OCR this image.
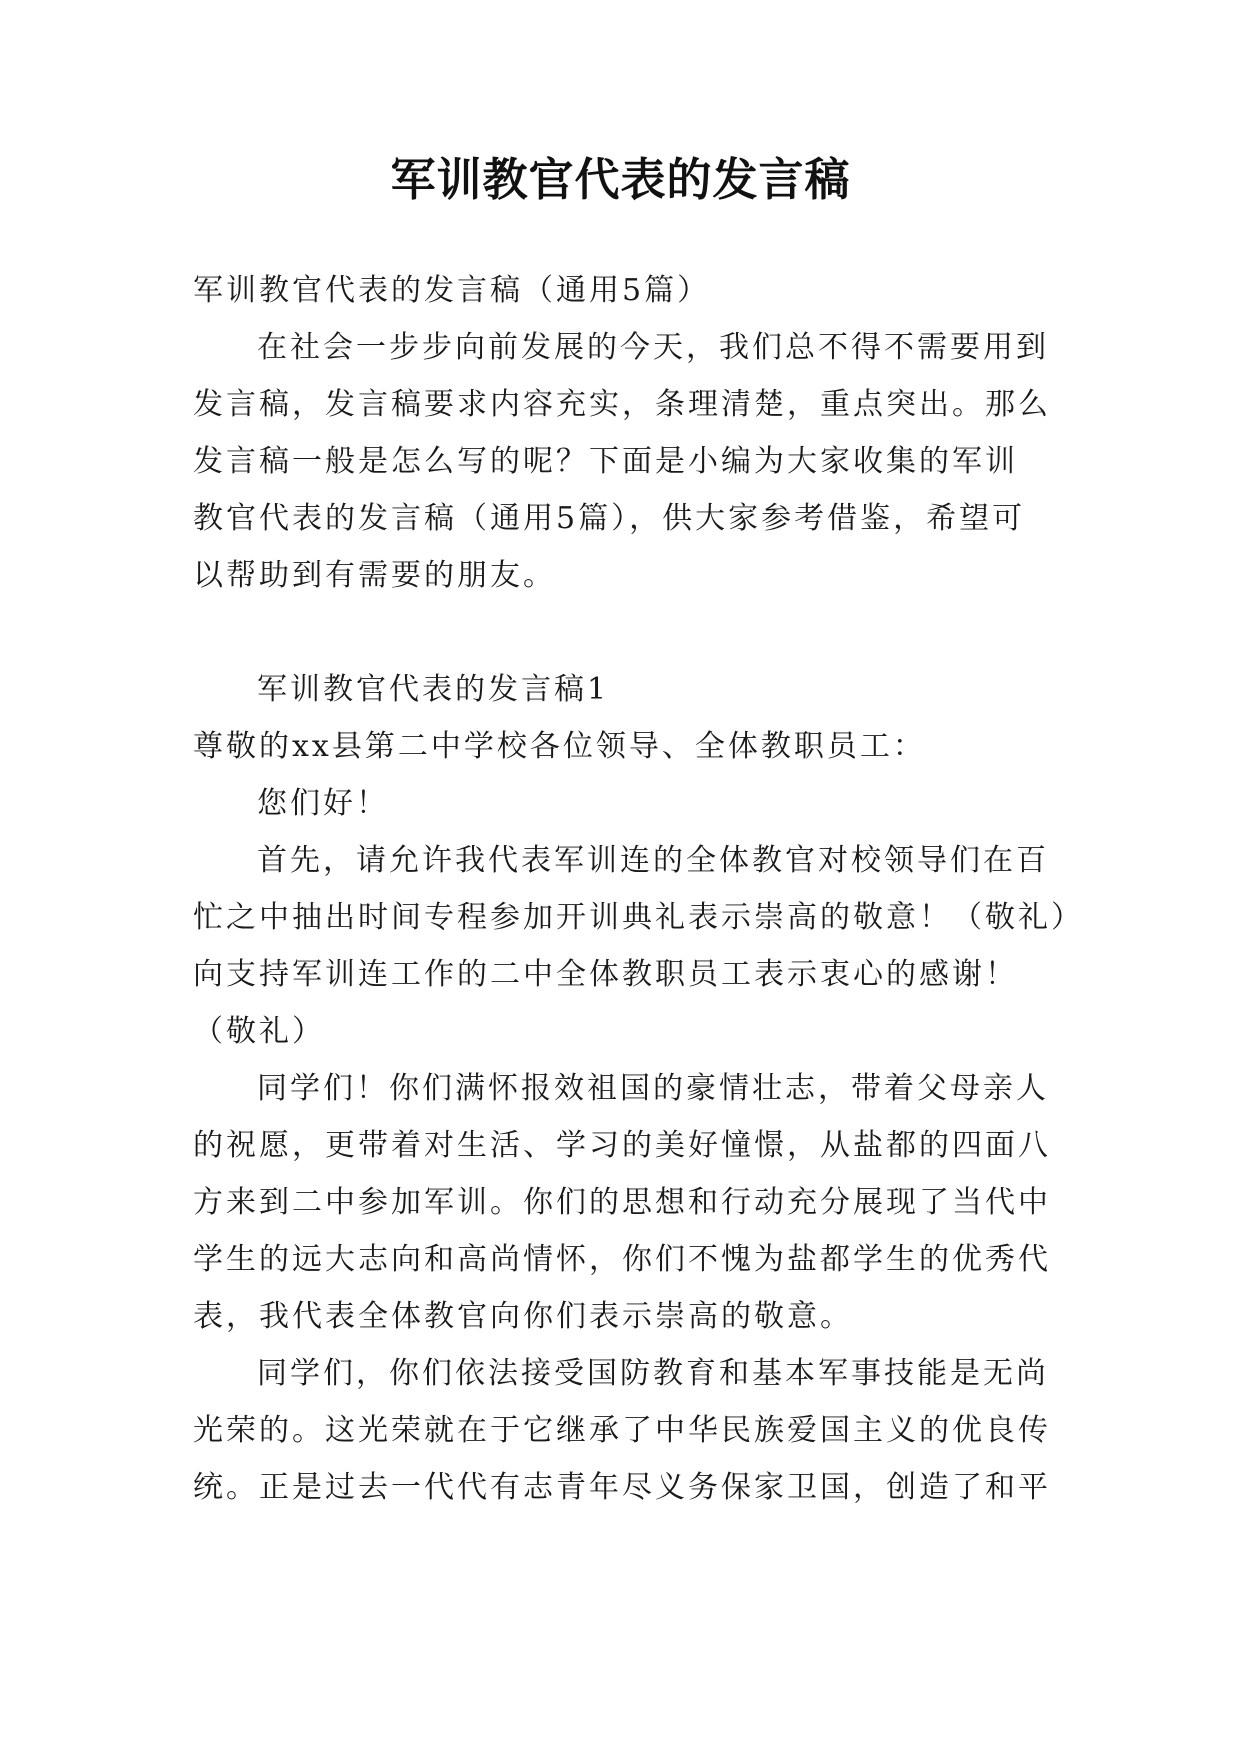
军训教官代表的发言稿
军训教官代表的发言稿（通用5篇）
在社会一步步向前发展的今天，我们总不得不需要用到
发言稿，发言稿要求内容充实，条理清楚，重点突出。那么
发言稿一般是怎么写的呢？下面是小编为大家收集的军训
教官代表的发言稿（通用5篇），供大家参考借鉴，希望可
以帮助到有需要的朋友。
军训教官代表的发言稿1
尊敬的xx县第二中学校各位领导、全体教职员工：
您们好！
首先，请允许我代表军训连的全体教官对校领导们在百
忙之中抽出时间专程参加开训典礼表示崇高的敬意！（敬礼）
向支持军训连工作的二中全体教职员工表示衷心的感谢！
（敬礼）
同学们！你们满怀报效祖国的豪情壮志，带着父母亲人
的祝愿，更带着对生活、学习的美好憧憬，从盐都的四面八
方来到二中参加军训。你们的思想和行动充分展现了当代中
学生的远大志向和高尚情怀，你们不愧为盐都学生的优秀代
表，我代表全体教官向你们表示崇高的敬意。
同学们，你们依法接受国防教育和基本军事技能是无尚
光荣的。这光荣就在于它继承了中华民族爱国主义的优良传
统。正是过去一代代有志青年尽义务保家卫国，创造了和平
